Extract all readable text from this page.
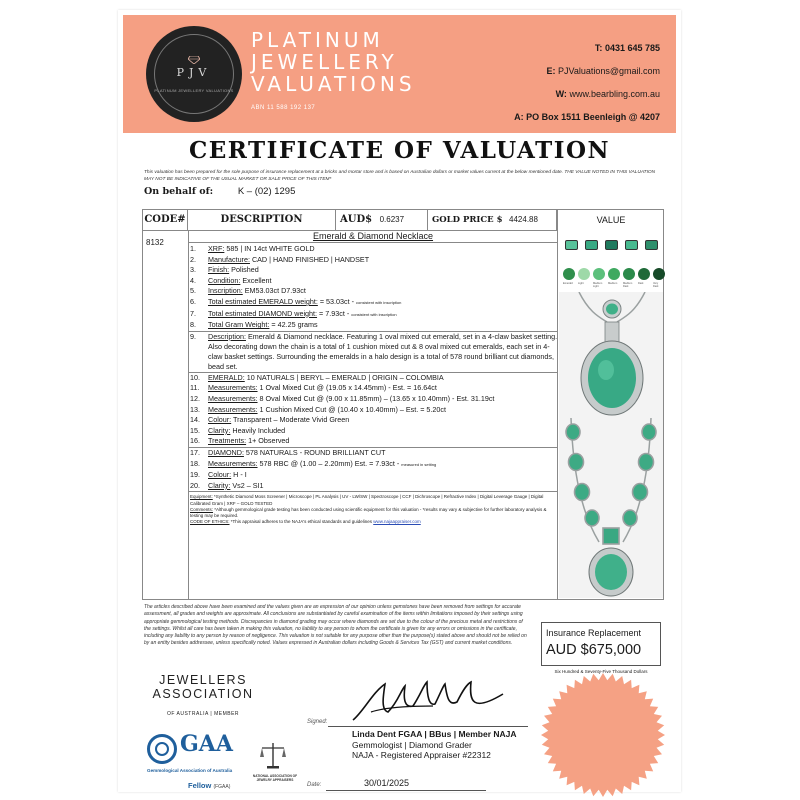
PJV
PLATINUM JEWELLERY VALUATIONS
PLATINUM
JEWELLERY
VALUATIONS
ABN 11 588 192 137
T: 0431 645 785
E: PJValuations@gmail.com
W: www.bearbling.com.au
A: PO Box 1511 Beenleigh @ 4207
CERTIFICATE OF VALUATION
This valuation has been prepared for the sole purpose of insurance replacement at a bricks and mortar store and is based on Australian dollars or market values current at the below mentioned date. THE VALUE NOTED IN THIS VALUATION MAY NOT BE INDICATIVE OF THE USUAL MARKET OR SALE PRICE OF THIS ITEM*
On behalf of:	K – (02) 1295
CODE#	DESCRIPTION	AUD$ 0.6237	GOLD PRICE $ 4424.88	VALUE
8132
Emerald & Diamond Necklace
1. XRF: 585 | IN 14ct WHITE GOLD
2. Manufacture: CAD | HAND FINISHED | HANDSET
3. Finish: Polished
4. Condition: Excellent
5. Inscription: EM53.03ct D7.93ct
6. Total estimated EMERALD weight: = 53.03ct - consistent with inscription
7. Total estimated DIAMOND weight: = 7.93ct - consistent with inscription
8. Total Gram Weight: = 42.25 grams
9. Description: Emerald & Diamond necklace. Featuring 1 oval mixed cut emerald, set in a 4-claw basket setting. Also decorating down the chain is a total of 1 cushion mixed cut & 8 oval mixed cut emeralds, each set in 4-claw basket settings. Surrounding the emeralds in a halo design is a total of 578 round brilliant cut diamonds, bead set.
10. EMERALD: 10 NATURALS | BERYL – EMERALD | ORIGIN – COLOMBIA
11. Measurements: 1 Oval Mixed Cut @ (19.05 x 14.45mm) - Est. = 16.64ct
12. Measurements: 8 Oval Mixed Cut @ (9.00 x 11.85mm) – (13.65 x 10.40mm) - Est. 31.19ct
13. Measurements: 1 Cushion Mixed Cut @ (10.40 x 10.40mm) – Est. = 5.20ct
14. Colour: Transparent – Moderate Vivid Green
15. Clarity: Heavily Included
16. Treatments: 1+ Observed
17. DIAMOND: 578 NATURALS - ROUND BRILLIANT CUT
18. Measurements: 578 RBC @ (1.00 – 2.20mm) Est. = 7.93ct - measured in setting
19. Colour: H - I
20. Clarity: Vs2 – SI1
Equipment: *Synthetic Diamond Moss Screener | Microscope | PL Analysis | UV - LW/SW | Spectroscope | CCF | Dichroscope | Refractive Index | Digital Leverage Gauge | Digital Calibrated Gram | XRF – GOLD TESTED
Comments: *Although gemmological grade testing has been conducted using scientific equipment for this valuation - *results may vary & subjective for further laboratory analysis & testing may be required.
CODE OF ETHICS: *This appraisal adheres to the NAJA's ethical standards and guidelines www.najaappraiser.com
Emerald Light	Medium Light
Medium Medium Dark
Dark	Very Dark
The articles described above have been examined and the values given are an expression of our opinion unless gemstones have been removed from settings for accurate assessment, all grades and weights are approximate. All conclusions are substantiated by careful examination of the items within limitations imposed by their settings using appropriate gemmological testing methods. Discrepancies in diamond grading may occur where diamonds are set due to the colour of the precious metal and restrictions of the settings. Whilst all care has been taken in making this valuation, no liability to any person to whom the certificate is given for any errors or omissions in the certificate, including any liability to any person by reason of negligence. This valuation is not suitable for any purpose other than the purpose(s) stated above and should not be relied on by an entity besides addressee, unless specifically noted. Values expressed in Australian dollars including Goods & Services Tax (GST) and current market conditions.
Insurance Replacement
AUD $675,000
Six Hundred & Seventy-Five Thousand Dollars
JEWELLERS
ASSOCIATION
OF AUSTRALIA | MEMBER
GAA
Gemmological Association of Australia
Fellow (FGAA)
NATIONAL ASSOCIATION OF JEWELRY APPRAISERS
Signed:
Linda Dent FGAA | BBus | Member NAJA
Gemmologist | Diamond Grader
NAJA - Registered Appraiser #22312
Date:	30/01/2025
